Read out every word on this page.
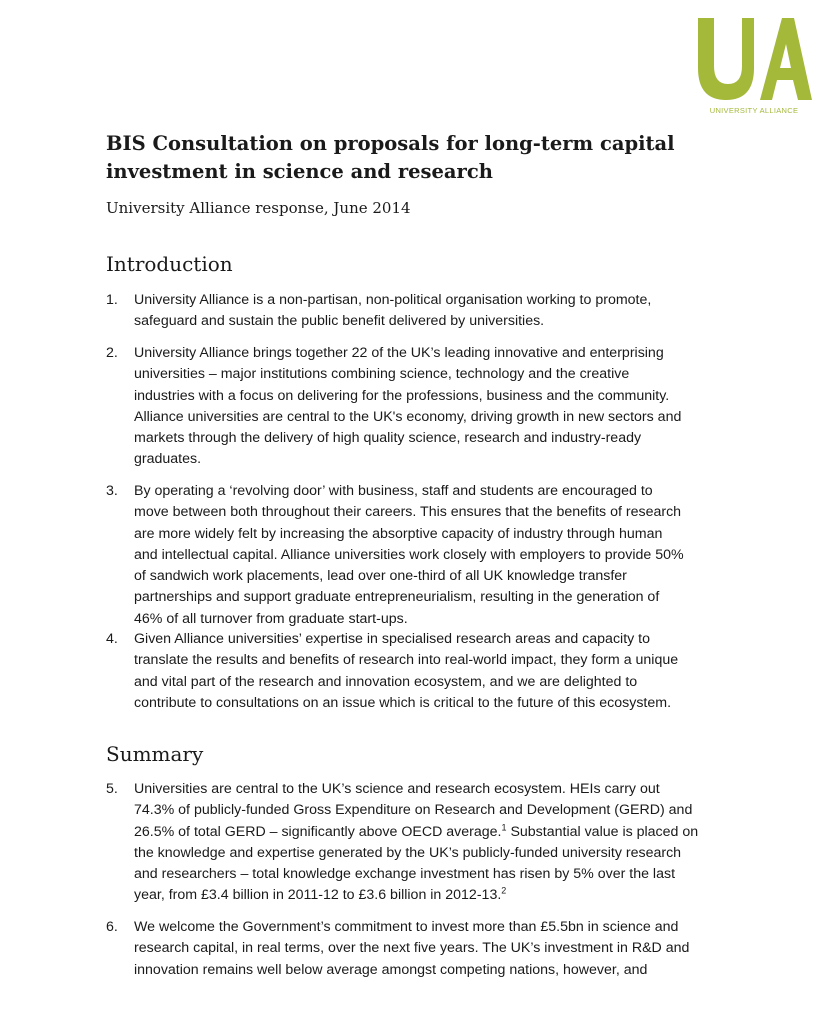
UNIVERSITY ALLIANCE
BIS Consultation on proposals for long-term capital
investment in science and research

University Alliance response, June 2014

Introduction
1.	University Alliance is a non-partisan, non-political organisation working to promote,
safeguard and sustain the public benefit delivered by universities.
2.	University Alliance brings together 22 of the UK’s leading innovative and enterprising
universities – major institutions combining science, technology and the creative
industries with a focus on delivering for the professions, business and the community.
Alliance universities are central to the UK's economy, driving growth in new sectors and
markets through the delivery of high quality science, research and industry-ready
graduates.
3.	By operating a ‘revolving door’ with business, staff and students are encouraged to
move between both throughout their careers. This ensures that the benefits of research
are more widely felt by increasing the absorptive capacity of industry through human
and intellectual capital. Alliance universities work closely with employers to provide 50%
of sandwich work placements, lead over one-third of all UK knowledge transfer
partnerships and support graduate entrepreneurialism, resulting in the generation of
46% of all turnover from graduate start-ups.
4.	Given Alliance universities’ expertise in specialised research areas and capacity to
translate the results and benefits of research into real-world impact, they form a unique
and vital part of the research and innovation ecosystem, and we are delighted to
contribute to consultations on an issue which is critical to the future of this ecosystem.
Summary
5.	Universities are central to the UK’s science and research ecosystem. HEIs carry out
74.3% of publicly-funded Gross Expenditure on Research and Development (GERD) and
26.5% of total GERD – significantly above OECD average.$^1$ Substantial value is placed on
the knowledge and expertise generated by the UK’s publicly-funded university research
and researchers – total knowledge exchange investment has risen by 5% over the last
year, from £3.4 billion in 2011-12 to £3.6 billion in 2012-13.$^2$
6.	We welcome the Government’s commitment to invest more than £5.5bn in science and
research capital, in real terms, over the next five years. The UK’s investment in R&D and
innovation remains well below average amongst competing nations, however, and
